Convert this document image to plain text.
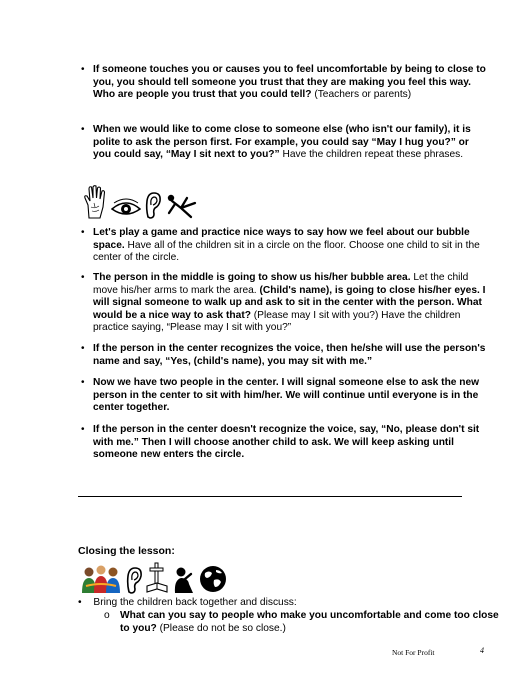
• If someone touches you or causes you to feel uncomfortable by being to close to you, you should tell someone you trust that they are making you feel this way. Who are people you trust that you could tell? (Teachers or parents)
• When we would like to come close to someone else (who isn't our family), it is polite to ask the person first. For example, you could say “May I hug you?” or you could say, “May I sit next to you?” Have the children repeat these phrases.
• Let's play a game and practice nice ways to say how we feel about our bubble space. Have all of the children sit in a circle on the floor. Choose one child to sit in the center of the circle.
• The person in the middle is going to show us his/her bubble area. Let the child move his/her arms to mark the area. (Child's name), is going to close his/her eyes. I will signal someone to walk up and ask to sit in the center with the person. What would be a nice way to ask that? (Please may I sit with you?) Have the children practice saying, “Please may I sit with you?”
• If the person in the center recognizes the voice, then he/she will use the person's name and say, “Yes, (child's name), you may sit with me.”
• Now we have two people in the center. I will signal someone else to ask the new person in the center to sit with him/her. We will continue until everyone is in the center together.
• If the person in the center doesn't recognize the voice, say, “No, please don't sit with me.” Then I will choose another child to ask. We will keep asking until someone new enters the circle.
Closing the lesson:
• Bring the children back together and discuss:
o What can you say to people who make you uncomfortable and come too close to you? (Please do not be so close.)
Not For Profit	4
